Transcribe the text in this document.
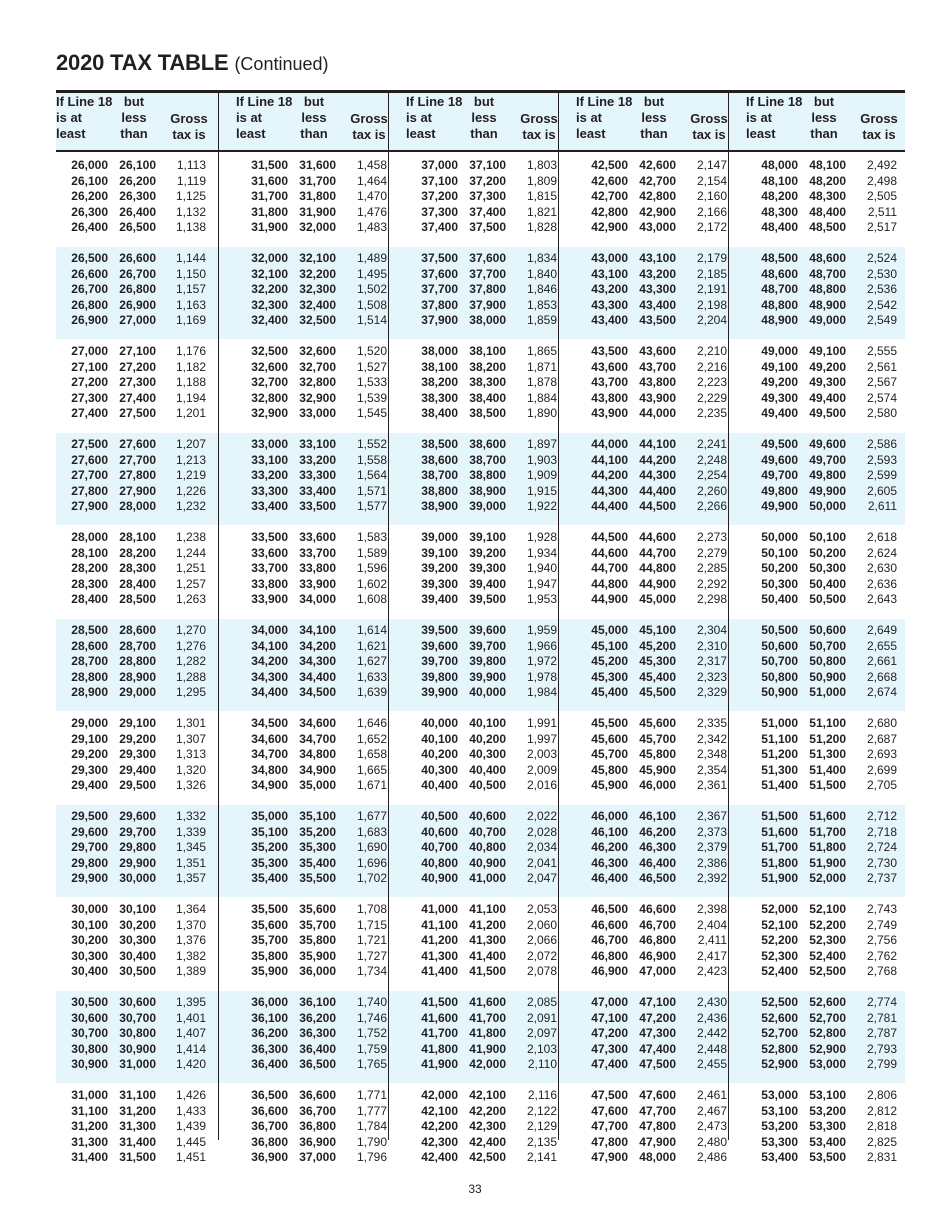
2020 TAX TABLE (Continued)
If Line 18
is at
least
but
less
than
Gross
tax is
26,000 26,100 1,113
26,100 26,200 1,119
26,200 26,300 1,125
26,300 26,400 1,132
26,400 26,500 1,138
26,500 26,600 1,144
26,600 26,700 1,150
26,700 26,800 1,157
26,800 26,900 1,163
26,900 27,000 1,169
27,000 27,100 1,176
27,100 27,200 1,182
27,200 27,300 1,188
27,300 27,400 1,194
27,400 27,500 1,201
27,500 27,600 1,207
27,600 27,700 1,213
27,700 27,800 1,219
27,800 27,900 1,226
27,900 28,000 1,232
28,000 28,100 1,238
28,100 28,200 1,244
28,200 28,300 1,251
28,300 28,400 1,257
28,400 28,500 1,263
28,500 28,600 1,270
28,600 28,700 1,276
28,700 28,800 1,282
28,800 28,900 1,288
28,900 29,000 1,295
29,000 29,100 1,301
29,100 29,200 1,307
29,200 29,300 1,313
29,300 29,400 1,320
29,400 29,500 1,326
29,500 29,600 1,332
29,600 29,700 1,339
29,700 29,800 1,345
29,800 29,900 1,351
29,900 30,000 1,357
30,000 30,100 1,364
30,100 30,200 1,370
30,200 30,300 1,376
30,300 30,400 1,382
30,400 30,500 1,389
30,500 30,600 1,395
30,600 30,700 1,401
30,700 30,800 1,407
30,800 30,900 1,414
30,900 31,000 1,420
31,000 31,100 1,426
31,100 31,200 1,433
31,200 31,300 1,439
31,300 31,400 1,445
31,400 31,500 1,451
If Line 18
is at
least
but
less
than
Gross
tax is
31,500 31,600 1,458
31,600 31,700 1,464
31,700 31,800 1,470
31,800 31,900 1,476
31,900 32,000 1,483
32,000 32,100 1,489
32,100 32,200 1,495
32,200 32,300 1,502
32,300 32,400 1,508
32,400 32,500 1,514
32,500 32,600 1,520
32,600 32,700 1,527
32,700 32,800 1,533
32,800 32,900 1,539
32,900 33,000 1,545
33,000 33,100 1,552
33,100 33,200 1,558
33,200 33,300 1,564
33,300 33,400 1,571
33,400 33,500 1,577
33,500 33,600 1,583
33,600 33,700 1,589
33,700 33,800 1,596
33,800 33,900 1,602
33,900 34,000 1,608
34,000 34,100 1,614
34,100 34,200 1,621
34,200 34,300 1,627
34,300 34,400 1,633
34,400 34,500 1,639
34,500 34,600 1,646
34,600 34,700 1,652
34,700 34,800 1,658
34,800 34,900 1,665
34,900 35,000 1,671
35,000 35,100 1,677
35,100 35,200 1,683
35,200 35,300 1,690
35,300 35,400 1,696
35,400 35,500 1,702
35,500 35,600 1,708
35,600 35,700 1,715
35,700 35,800 1,721
35,800 35,900 1,727
35,900 36,000 1,734
36,000 36,100 1,740
36,100 36,200 1,746
36,200 36,300 1,752
36,300 36,400 1,759
36,400 36,500 1,765
36,500 36,600 1,771
36,600 36,700 1,777
36,700 36,800 1,784
36,800 36,900 1,790
36,900 37,000 1,796
If Line 18
is at
least
but
less
than
Gross
tax is
37,000 37,100 1,803
37,100 37,200 1,809
37,200 37,300 1,815
37,300 37,400 1,821
37,400 37,500 1,828
37,500 37,600 1,834
37,600 37,700 1,840
37,700 37,800 1,846
37,800 37,900 1,853
37,900 38,000 1,859
38,000 38,100 1,865
38,100 38,200 1,871
38,200 38,300 1,878
38,300 38,400 1,884
38,400 38,500 1,890
38,500 38,600 1,897
38,600 38,700 1,903
38,700 38,800 1,909
38,800 38,900 1,915
38,900 39,000 1,922
39,000 39,100 1,928
39,100 39,200 1,934
39,200 39,300 1,940
39,300 39,400 1,947
39,400 39,500 1,953
39,500 39,600 1,959
39,600 39,700 1,966
39,700 39,800 1,972
39,800 39,900 1,978
39,900 40,000 1,984
40,000 40,100 1,991
40,100 40,200 1,997
40,200 40,300 2,003
40,300 40,400 2,009
40,400 40,500 2,016
40,500 40,600 2,022
40,600 40,700 2,028
40,700 40,800 2,034
40,800 40,900 2,041
40,900 41,000 2,047
41,000 41,100 2,053
41,100 41,200 2,060
41,200 41,300 2,066
41,300 41,400 2,072
41,400 41,500 2,078
41,500 41,600 2,085
41,600 41,700 2,091
41,700 41,800 2,097
41,800 41,900 2,103
41,900 42,000 2,110
42,000 42,100 2,116
42,100 42,200 2,122
42,200 42,300 2,129
42,300 42,400 2,135
42,400 42,500 2,141
If Line 18
is at
least
but
less
than
Gross
tax is
42,500 42,600 2,147
42,600 42,700 2,154
42,700 42,800 2,160
42,800 42,900 2,166
42,900 43,000 2,172
43,000 43,100 2,179
43,100 43,200 2,185
43,200 43,300 2,191
43,300 43,400 2,198
43,400 43,500 2,204
43,500 43,600 2,210
43,600 43,700 2,216
43,700 43,800 2,223
43,800 43,900 2,229
43,900 44,000 2,235
44,000 44,100 2,241
44,100 44,200 2,248
44,200 44,300 2,254
44,300 44,400 2,260
44,400 44,500 2,266
44,500 44,600 2,273
44,600 44,700 2,279
44,700 44,800 2,285
44,800 44,900 2,292
44,900 45,000 2,298
45,000 45,100 2,304
45,100 45,200 2,310
45,200 45,300 2,317
45,300 45,400 2,323
45,400 45,500 2,329
45,500 45,600 2,335
45,600 45,700 2,342
45,700 45,800 2,348
45,800 45,900 2,354
45,900 46,000 2,361
46,000 46,100 2,367
46,100 46,200 2,373
46,200 46,300 2,379
46,300 46,400 2,386
46,400 46,500 2,392
46,500 46,600 2,398
46,600 46,700 2,404
46,700 46,800 2,411
46,800 46,900 2,417
46,900 47,000 2,423
47,000 47,100 2,430
47,100 47,200 2,436
47,200 47,300 2,442
47,300 47,400 2,448
47,400 47,500 2,455
47,500 47,600 2,461
47,600 47,700 2,467
47,700 47,800 2,473
47,800 47,900 2,480
47,900 48,000 2,486
If Line 18
is at
least
but
less
than
Gross
tax is
48,000 48,100 2,492
48,100 48,200 2,498
48,200 48,300 2,505
48,300 48,400 2,511
48,400 48,500 2,517
48,500 48,600 2,524
48,600 48,700 2,530
48,700 48,800 2,536
48,800 48,900 2,542
48,900 49,000 2,549
49,000 49,100 2,555
49,100 49,200 2,561
49,200 49,300 2,567
49,300 49,400 2,574
49,400 49,500 2,580
49,500 49,600 2,586
49,600 49,700 2,593
49,700 49,800 2,599
49,800 49,900 2,605
49,900 50,000 2,611
50,000 50,100 2,618
50,100 50,200 2,624
50,200 50,300 2,630
50,300 50,400 2,636
50,400 50,500 2,643
50,500 50,600 2,649
50,600 50,700 2,655
50,700 50,800 2,661
50,800 50,900 2,668
50,900 51,000 2,674
51,000 51,100 2,680
51,100 51,200 2,687
51,200 51,300 2,693
51,300 51,400 2,699
51,400 51,500 2,705
51,500 51,600 2,712
51,600 51,700 2,718
51,700 51,800 2,724
51,800 51,900 2,730
51,900 52,000 2,737
52,000 52,100 2,743
52,100 52,200 2,749
52,200 52,300 2,756
52,300 52,400 2,762
52,400 52,500 2,768
52,500 52,600 2,774
52,600 52,700 2,781
52,700 52,800 2,787
52,800 52,900 2,793
52,900 53,000 2,799
53,000 53,100 2,806
53,100 53,200 2,812
53,200 53,300 2,818
53,300 53,400 2,825
53,400 53,500 2,831
33
